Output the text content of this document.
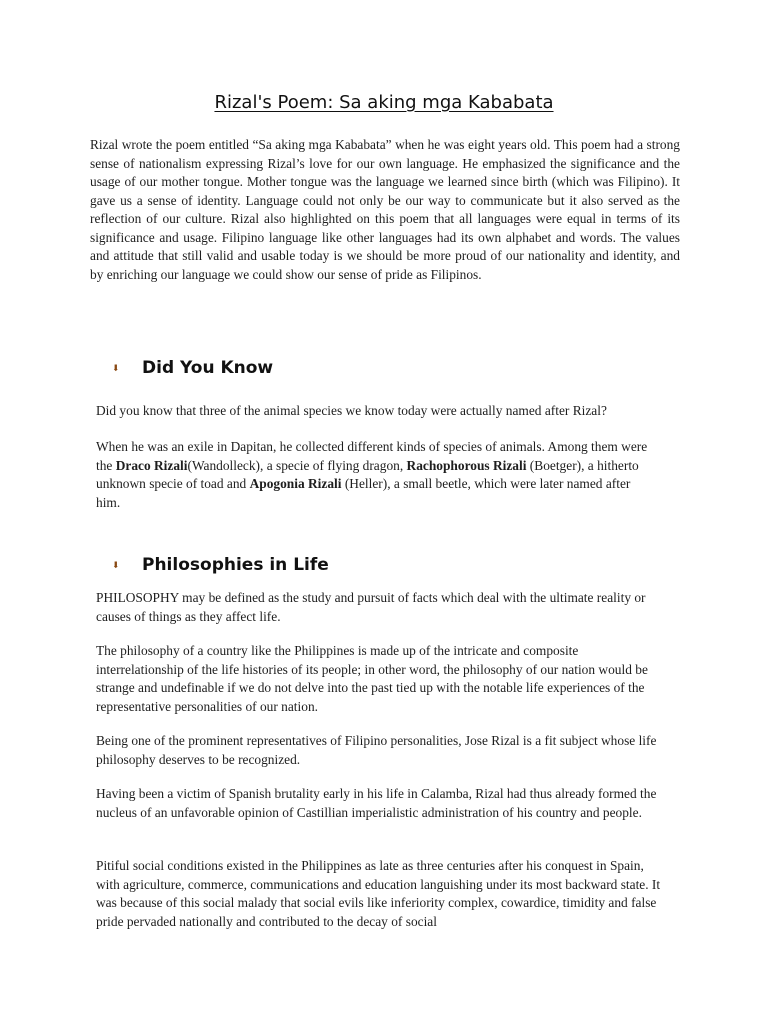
Rizal's Poem: Sa aking mga Kababata

Rizal wrote the poem entitled “Sa aking mga Kababata” when he was eight years old. This poem had a strong sense of nationalism expressing Rizal’s love for our own language. He emphasized the significance and the usage of our mother tongue. Mother tongue was the language we learned since birth (which was Filipino). It gave us a sense of identity. Language could not only be our way to communicate but it also served as the reflection of our culture. Rizal also highlighted on this poem that all languages were equal in terms of its significance and usage. Filipino language like other languages had its own alphabet and words. The values and attitude that still valid and usable today is we should be more proud of our nationality and identity, and by enriching our language we could show our sense of pride as Filipinos.

⬇	Did You Know

Did you know that three of the animal species we know today were actually named after Rizal?

When he was an exile in Dapitan, he collected different kinds of species of animals. Among them were the Draco Rizali(Wandolleck), a specie of flying dragon, Rachophorous Rizali (Boetger), a hitherto unknown specie of toad and Apogonia Rizali (Heller), a small beetle, which were later named after him.

⬇	Philosophies in Life

PHILOSOPHY may be defined as the study and pursuit of facts which deal with the ultimate reality or causes of things as they affect life.

The philosophy of a country like the Philippines is made up of the intricate and composite interrelationship of the life histories of its people; in other word, the philosophy of our nation would be strange and undefinable if we do not delve into the past tied up with the notable life experiences of the representative personalities of our nation.

Being one of the prominent representatives of Filipino personalities, Jose Rizal is a fit subject whose life philosophy deserves to be recognized.

Having been a victim of Spanish brutality early in his life in Calamba, Rizal had thus already formed the nucleus of an unfavorable opinion of Castillian imperialistic administration of his country and people.

Pitiful social conditions existed in the Philippines as late as three centuries after his conquest in Spain, with agriculture, commerce, communications and education languishing under its most backward state. It was because of this social malady that social evils like inferiority complex, cowardice, timidity and false pride pervaded nationally and contributed to the decay of social
